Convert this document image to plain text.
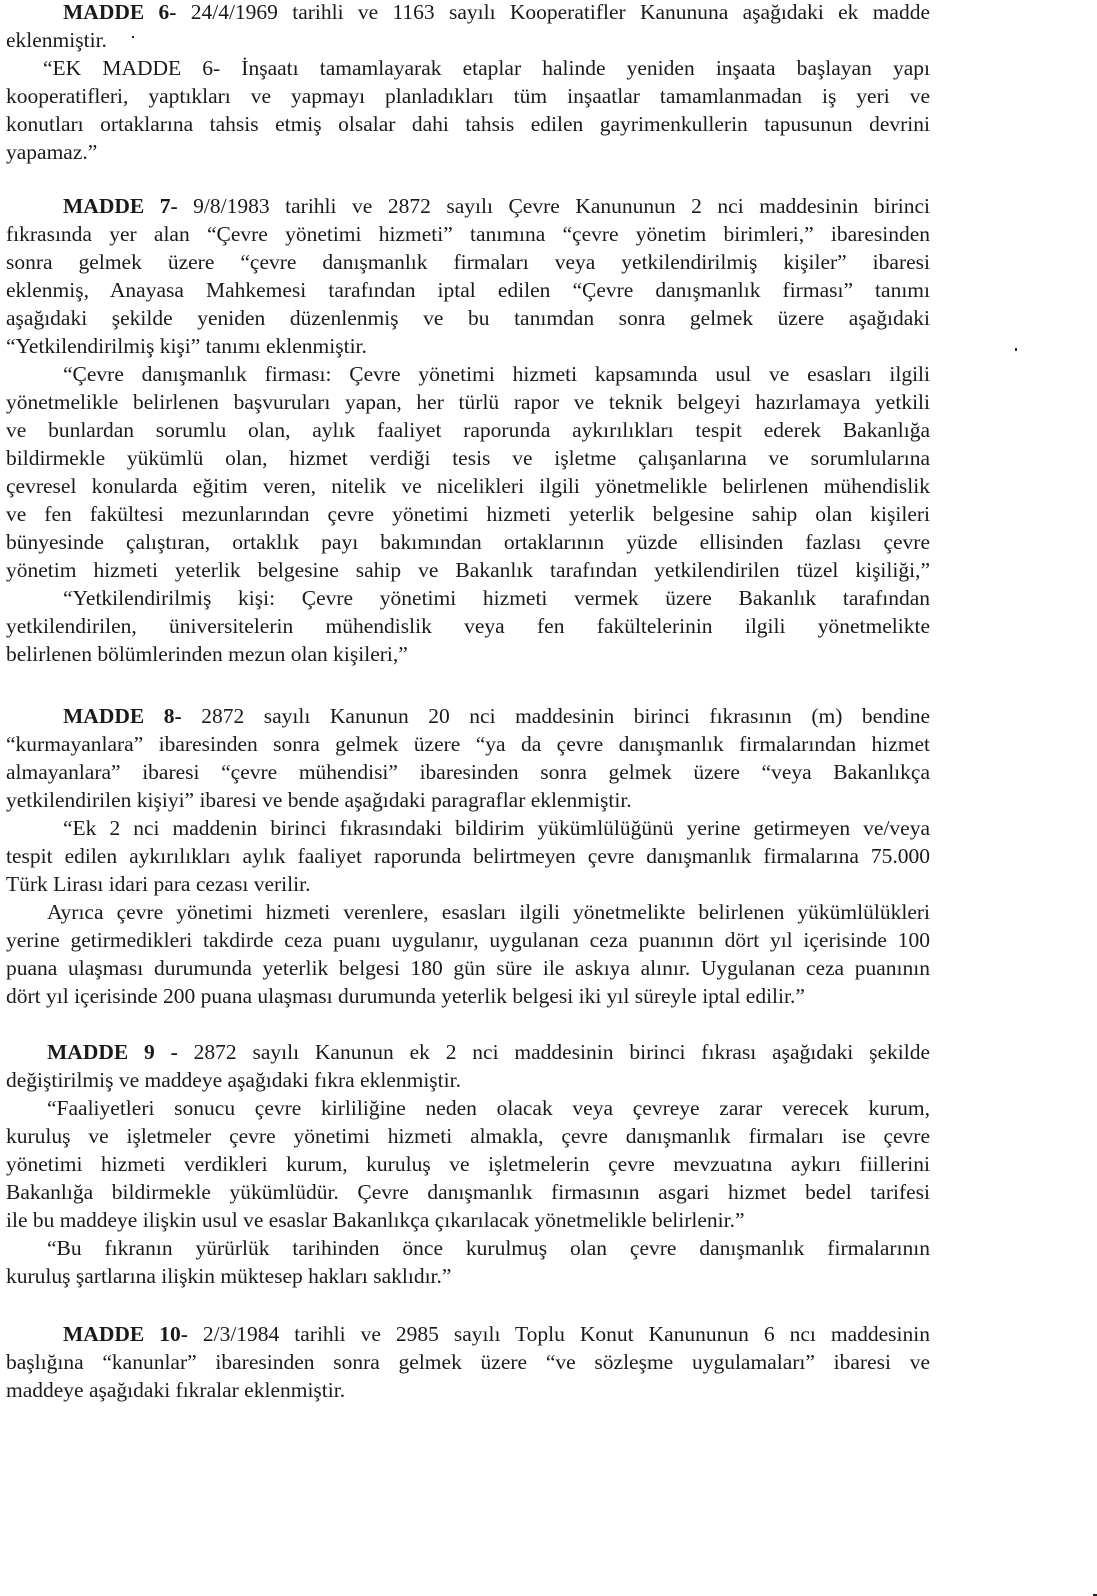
MADDE 6- 24/4/1969 tarihli ve 1163 sayılı Kooperatifler Kanununa aşağıdaki ek madde
eklenmiştir.
“EK MADDE 6- İnşaatı tamamlayarak etaplar halinde yeniden inşaata başlayan yapı
kooperatifleri, yaptıkları ve yapmayı planladıkları tüm inşaatlar tamamlanmadan iş yeri ve
konutları ortaklarına tahsis etmiş olsalar dahi tahsis edilen gayrimenkullerin tapusunun devrini
yapamaz.”
MADDE 7- 9/8/1983 tarihli ve 2872 sayılı Çevre Kanununun 2 nci maddesinin birinci
fıkrasında yer alan “Çevre yönetimi hizmeti” tanımına “çevre yönetim birimleri,” ibaresinden
sonra gelmek üzere “çevre danışmanlık firmaları veya yetkilendirilmiş kişiler” ibaresi
eklenmiş, Anayasa Mahkemesi tarafından iptal edilen “Çevre danışmanlık firması” tanımı
aşağıdaki şekilde yeniden düzenlenmiş ve bu tanımdan sonra gelmek üzere aşağıdaki
“Yetkilendirilmiş kişi” tanımı eklenmiştir.
“Çevre danışmanlık firması: Çevre yönetimi hizmeti kapsamında usul ve esasları ilgili
yönetmelikle belirlenen başvuruları yapan, her türlü rapor ve teknik belgeyi hazırlamaya yetkili
ve bunlardan sorumlu olan, aylık faaliyet raporunda aykırılıkları tespit ederek Bakanlığa
bildirmekle yükümlü olan, hizmet verdiği tesis ve işletme çalışanlarına ve sorumlularına
çevresel konularda eğitim veren, nitelik ve nicelikleri ilgili yönetmelikle belirlenen mühendislik
ve fen fakültesi mezunlarından çevre yönetimi hizmeti yeterlik belgesine sahip olan kişileri
bünyesinde çalıştıran, ortaklık payı bakımından ortaklarının yüzde ellisinden fazlası çevre
yönetim hizmeti yeterlik belgesine sahip ve Bakanlık tarafından yetkilendirilen tüzel kişiliği,”
“Yetkilendirilmiş kişi: Çevre yönetimi hizmeti vermek üzere Bakanlık tarafından
yetkilendirilen, üniversitelerin mühendislik veya fen fakültelerinin ilgili yönetmelikte
belirlenen bölümlerinden mezun olan kişileri,”
MADDE 8- 2872 sayılı Kanunun 20 nci maddesinin birinci fıkrasının (m) bendine
“kurmayanlara” ibaresinden sonra gelmek üzere “ya da çevre danışmanlık firmalarından hizmet
almayanlara” ibaresi “çevre mühendisi” ibaresinden sonra gelmek üzere “veya Bakanlıkça
yetkilendirilen kişiyi” ibaresi ve bende aşağıdaki paragraflar eklenmiştir.
“Ek 2 nci maddenin birinci fıkrasındaki bildirim yükümlülüğünü yerine getirmeyen ve/veya
tespit edilen aykırılıkları aylık faaliyet raporunda belirtmeyen çevre danışmanlık firmalarına 75.000
Türk Lirası idari para cezası verilir.
Ayrıca çevre yönetimi hizmeti verenlere, esasları ilgili yönetmelikte belirlenen yükümlülükleri
yerine getirmedikleri takdirde ceza puanı uygulanır, uygulanan ceza puanının dört yıl içerisinde 100
puana ulaşması durumunda yeterlik belgesi 180 gün süre ile askıya alınır. Uygulanan ceza puanının
dört yıl içerisinde 200 puana ulaşması durumunda yeterlik belgesi iki yıl süreyle iptal edilir.”
MADDE 9 - 2872 sayılı Kanunun ek 2 nci maddesinin birinci fıkrası aşağıdaki şekilde
değiştirilmiş ve maddeye aşağıdaki fıkra eklenmiştir.
“Faaliyetleri sonucu çevre kirliliğine neden olacak veya çevreye zarar verecek kurum,
kuruluş ve işletmeler çevre yönetimi hizmeti almakla, çevre danışmanlık firmaları ise çevre
yönetimi hizmeti verdikleri kurum, kuruluş ve işletmelerin çevre mevzuatına aykırı fiillerini
Bakanlığa bildirmekle yükümlüdür. Çevre danışmanlık firmasının asgari hizmet bedel tarifesi
ile bu maddeye ilişkin usul ve esaslar Bakanlıkça çıkarılacak yönetmelikle belirlenir.”
“Bu fıkranın yürürlük tarihinden önce kurulmuş olan çevre danışmanlık firmalarının
kuruluş şartlarına ilişkin müktesep hakları saklıdır.”
MADDE 10- 2/3/1984 tarihli ve 2985 sayılı Toplu Konut Kanununun 6 ncı maddesinin
başlığına “kanunlar” ibaresinden sonra gelmek üzere “ve sözleşme uygulamaları” ibaresi ve
maddeye aşağıdaki fıkralar eklenmiştir.
